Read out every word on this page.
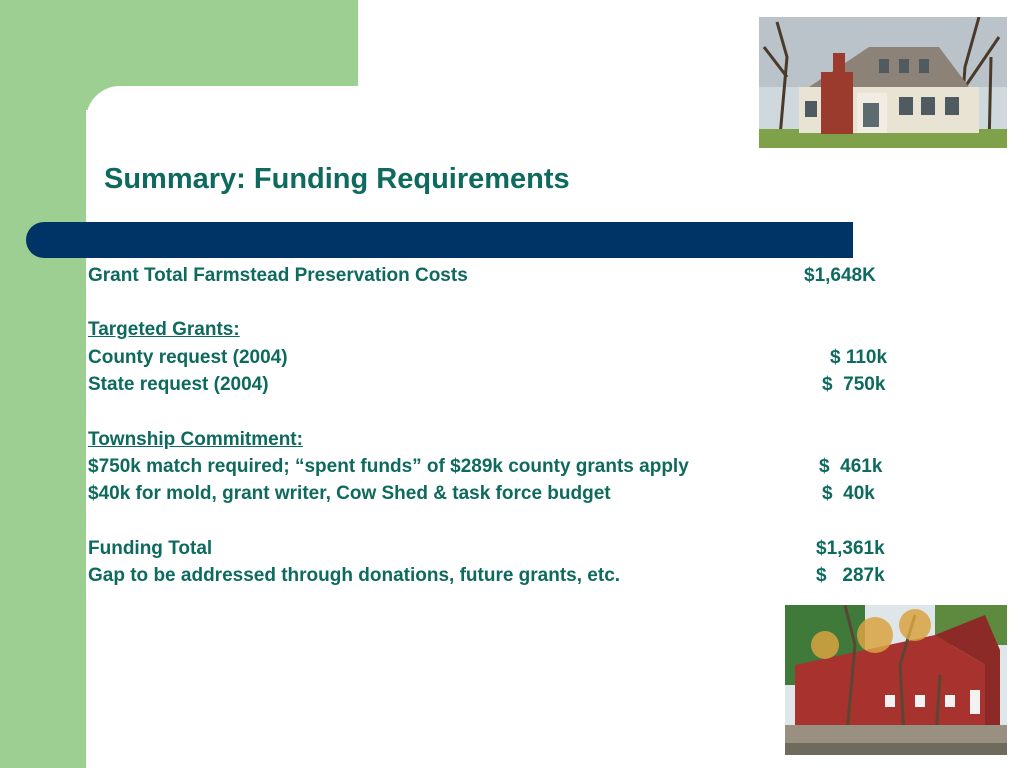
Summary: Funding Requirements

Grant Total Farmstead Preservation Costs	$1,648K

Targeted Grants:

County request (2004)	$ 110k

State request (2004)	$  750k

Township Commitment:

$750k match required; “spent funds” of $289k county grants apply	$  461k

$40k for mold, grant writer, Cow Shed & task force budget	$  40k

Funding Total	$1,361k

Gap to be addressed through donations, future grants, etc.	$   287k
